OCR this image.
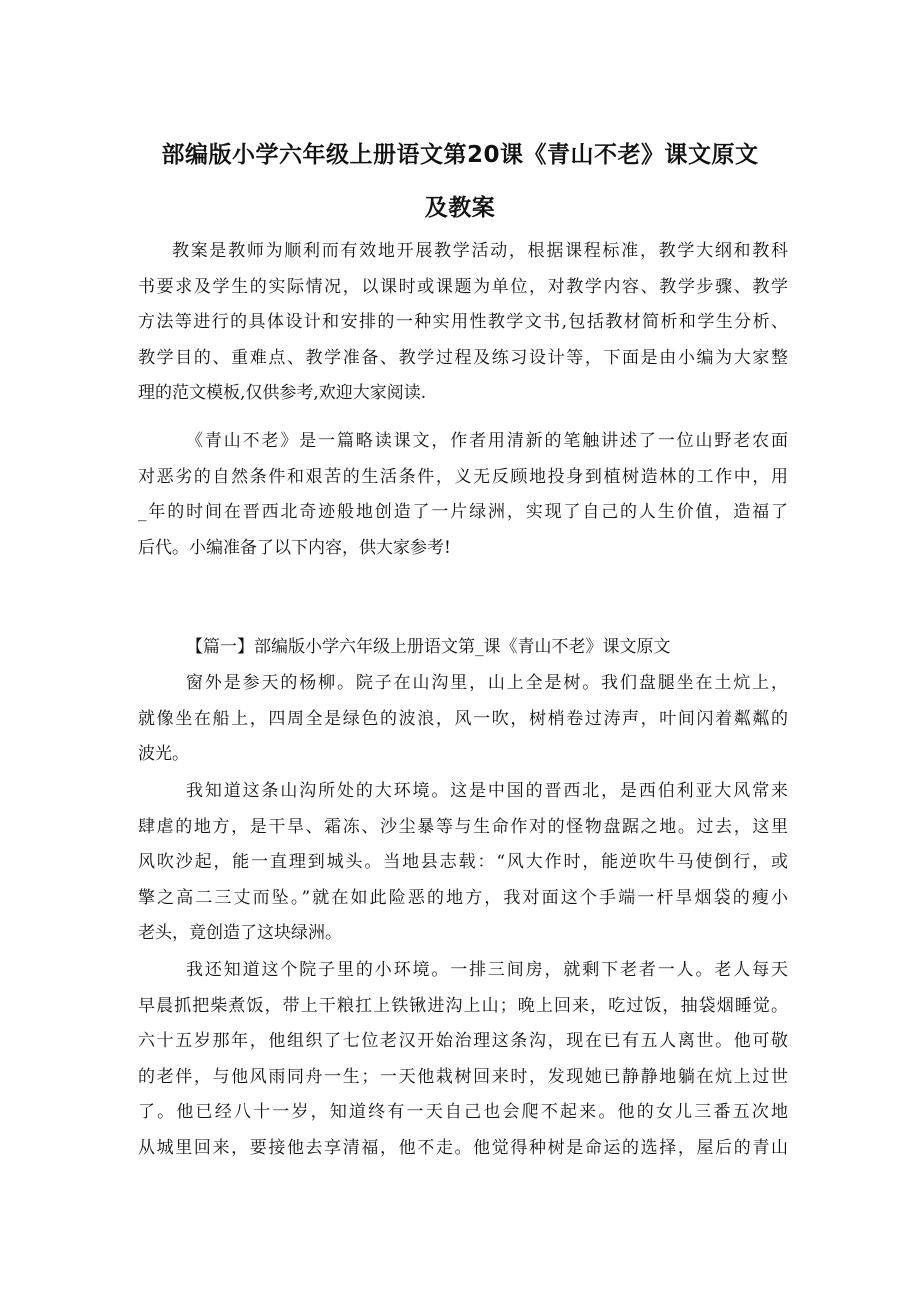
部编版小学六年级上册语文第20课《青山不老》课文原文
及教案
教案是教师为顺利而有效地开展教学活动，根据课程标准，教学大纲和教科
书要求及学生的实际情况，以课时或课题为单位，对教学内容、教学步骤、教学
方法等进行的具体设计和安排的一种实用性教学文书,包括教材简析和学生分析、
教学目的、重难点、教学准备、教学过程及练习设计等，下面是由小编为大家整
理的范文模板,仅供参考,欢迎大家阅读.
《青山不老》是一篇略读课文，作者用清新的笔触讲述了一位山野老农面
对恶劣的自然条件和艰苦的生活条件，义无反顾地投身到植树造林的工作中，用
_年的时间在晋西北奇迹般地创造了一片绿洲，实现了自己的人生价值，造福了
后代。小编准备了以下内容，供大家参考!
【篇一】部编版小学六年级上册语文第_课《青山不老》课文原文
窗外是参天的杨柳。院子在山沟里，山上全是树。我们盘腿坐在土炕上，
就像坐在船上，四周全是绿色的波浪，风一吹，树梢卷过涛声，叶间闪着粼粼的
波光。
我知道这条山沟所处的大环境。这是中国的晋西北，是西伯利亚大风常来
肆虐的地方，是干旱、霜冻、沙尘暴等与生命作对的怪物盘踞之地。过去，这里
风吹沙起，能一直理到城头。当地县志载：“风大作时，能逆吹牛马使倒行，或
擎之高二三丈而坠。”就在如此险恶的地方，我对面这个手端一杆旱烟袋的瘦小
老头，竟创造了这块绿洲。
我还知道这个院子里的小环境。一排三间房，就剩下老者一人。老人每天
早晨抓把柴煮饭，带上干粮扛上铁锹进沟上山；晚上回来，吃过饭，抽袋烟睡觉。
六十五岁那年，他组织了七位老汉开始治理这条沟，现在已有五人离世。他可敬
的老伴，与他风雨同舟一生；一天他栽树回来时，发现她已静静地躺在炕上过世
了。他已经八十一岁，知道终有一天自己也会爬不起来。他的女儿三番五次地
从城里回来，要接他去享清福，他不走。他觉得种树是命运的选择，屋后的青山
